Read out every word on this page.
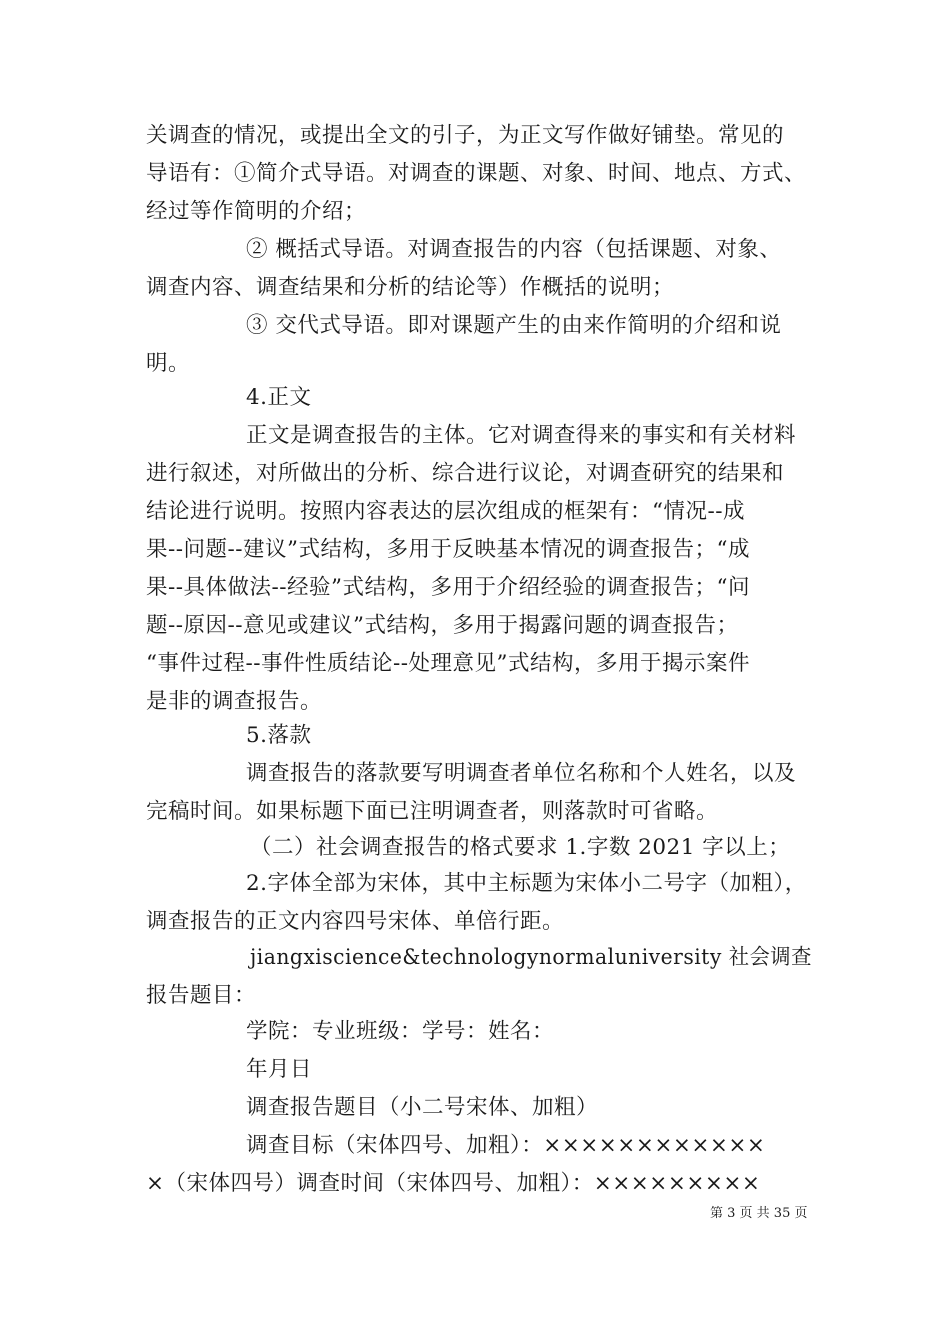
关调查的情况，或提出全文的引子，为正文写作做好铺垫。常见的
导语有：①简介式导语。对调查的课题、对象、时间、地点、方式、
经过等作简明的介绍；
② 概括式导语。对调查报告的内容（包括课题、对象、
调查内容、调查结果和分析的结论等）作概括的说明；
③ 交代式导语。即对课题产生的由来作简明的介绍和说
明。
4.正文
正文是调查报告的主体。它对调查得来的事实和有关材料
进行叙述，对所做出的分析、综合进行议论，对调查研究的结果和
结论进行说明。按照内容表达的层次组成的框架有：“情况--成
果--问题--建议”式结构，多用于反映基本情况的调查报告；“成
果--具体做法--经验”式结构，多用于介绍经验的调查报告；“问
题--原因--意见或建议”式结构，多用于揭露问题的调查报告；
“事件过程--事件性质结论--处理意见”式结构，多用于揭示案件
是非的调查报告。
5.落款
调查报告的落款要写明调查者单位名称和个人姓名，以及
完稿时间。如果标题下面已注明调查者，则落款时可省略。
（二）社会调查报告的格式要求 1.字数 2021 字以上；
2.字体全部为宋体，其中主标题为宋体小二号字（加粗），
调查报告的正文内容四号宋体、单倍行距。
jiangxiscience&technologynormaluniversity 社会调查
报告题目：
学院：专业班级：学号：姓名：
年月日
调查报告题目（小二号宋体、加粗）
调查目标（宋体四号、加粗）：××××××××××××
×（宋体四号）调查时间（宋体四号、加粗）：×××××××××
第 3 页 共 35 页
